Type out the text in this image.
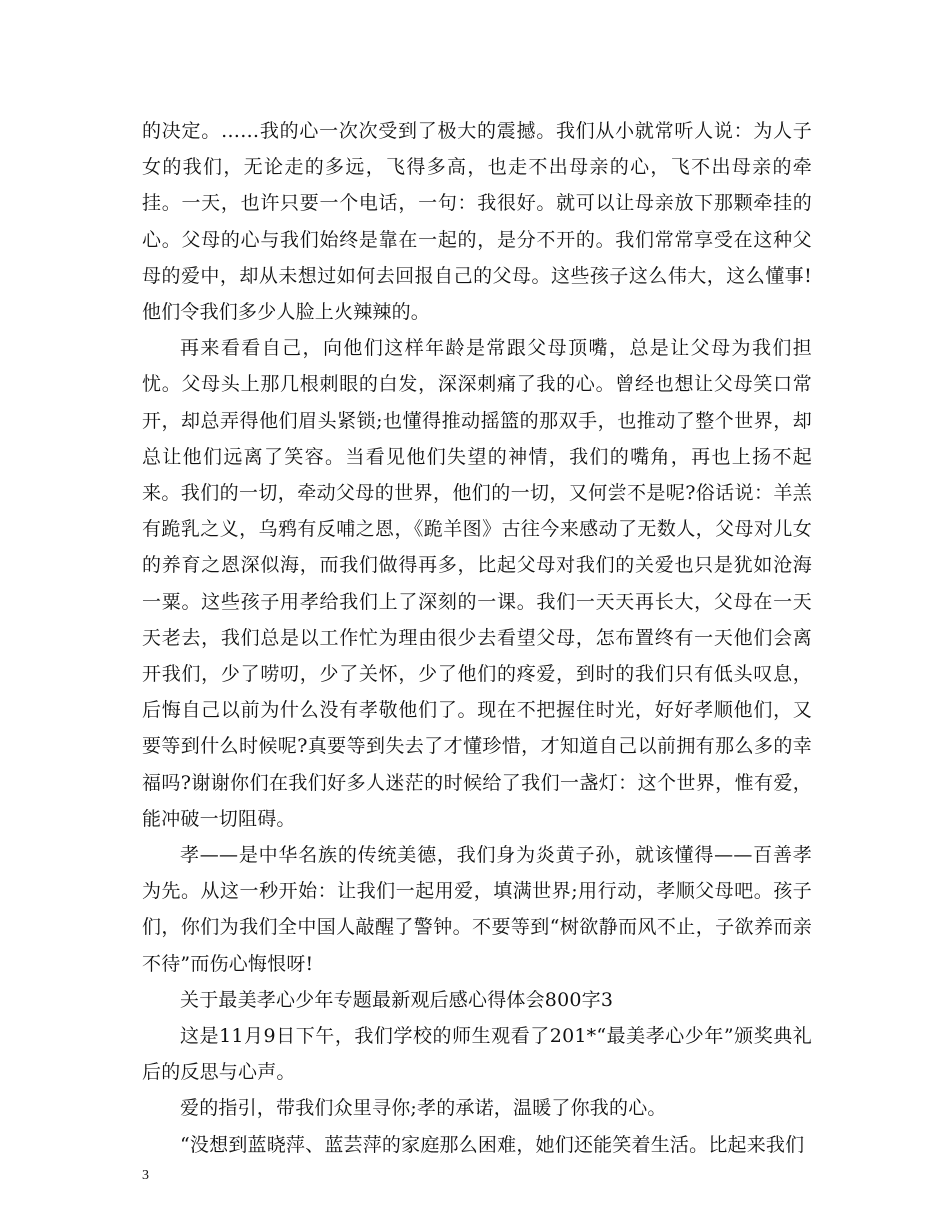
的决定。……我的心一次次受到了极大的震撼。我们从小就常听人说：为人子女的我们，无论走的多远，飞得多高，也走不出母亲的心，飞不出母亲的牵挂。一天，也许只要一个电话，一句：我很好。就可以让母亲放下那颗牵挂的心。父母的心与我们始终是靠在一起的，是分不开的。我们常常享受在这种父母的爱中，却从未想过如何去回报自己的父母。这些孩子这么伟大，这么懂事!他们令我们多少人脸上火辣辣的。

再来看看自己，向他们这样年龄是常跟父母顶嘴，总是让父母为我们担忧。父母头上那几根刺眼的白发，深深刺痛了我的心。曾经也想让父母笑口常开，却总弄得他们眉头紧锁;也懂得推动摇篮的那双手，也推动了整个世界，却总让他们远离了笑容。当看见他们失望的神情，我们的嘴角，再也上扬不起来。我们的一切，牵动父母的世界，他们的一切，又何尝不是呢?俗话说：羊羔有跪乳之义，乌鸦有反哺之恩，《跪羊图》古往今来感动了无数人，父母对儿女的养育之恩深似海，而我们做得再多，比起父母对我们的关爱也只是犹如沧海一粟。这些孩子用孝给我们上了深刻的一课。我们一天天再长大，父母在一天天老去，我们总是以工作忙为理由很少去看望父母，怎布置终有一天他们会离开我们，少了唠叨，少了关怀，少了他们的疼爱，到时的我们只有低头叹息，后悔自己以前为什么没有孝敬他们了。现在不把握住时光，好好孝顺他们，又要等到什么时候呢?真要等到失去了才懂珍惜，才知道自己以前拥有那么多的幸福吗?谢谢你们在我们好多人迷茫的时候给了我们一盏灯：这个世界，惟有爱，能冲破一切阻碍。

孝——是中华名族的传统美德，我们身为炎黄子孙，就该懂得——百善孝为先。从这一秒开始：让我们一起用爱，填满世界;用行动，孝顺父母吧。孩子们，你们为我们全中国人敲醒了警钟。不要等到“树欲静而风不止，子欲养而亲不待”而伤心悔恨呀!

关于最美孝心少年专题最新观后感心得体会800字3

这是11月9日下午，我们学校的师生观看了201*“最美孝心少年”颁奖典礼后的反思与心声。

爱的指引，带我们众里寻你;孝的承诺，温暖了你我的心。

“没想到蓝晓萍、蓝芸萍的家庭那么困难，她们还能笑着生活。比起来我们

3
